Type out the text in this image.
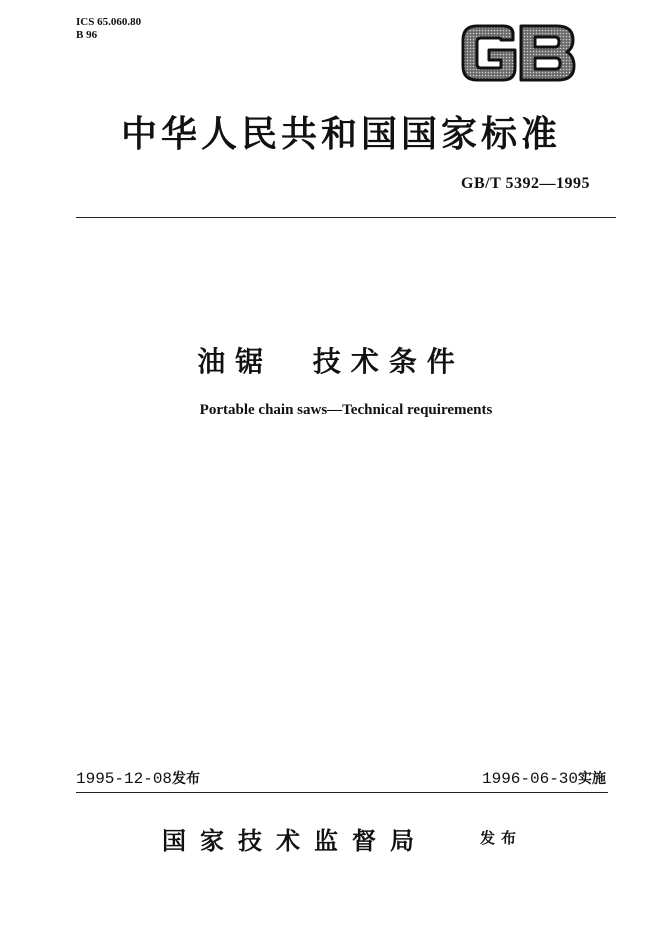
ICS 65.060.80
B 96
中华人民共和国国家标准
GB/T 5392—1995
油锯  技术条件
Portable chain saws—Technical requirements
1995-12-08发布	1996-06-30实施
国家技术监督局	发布
